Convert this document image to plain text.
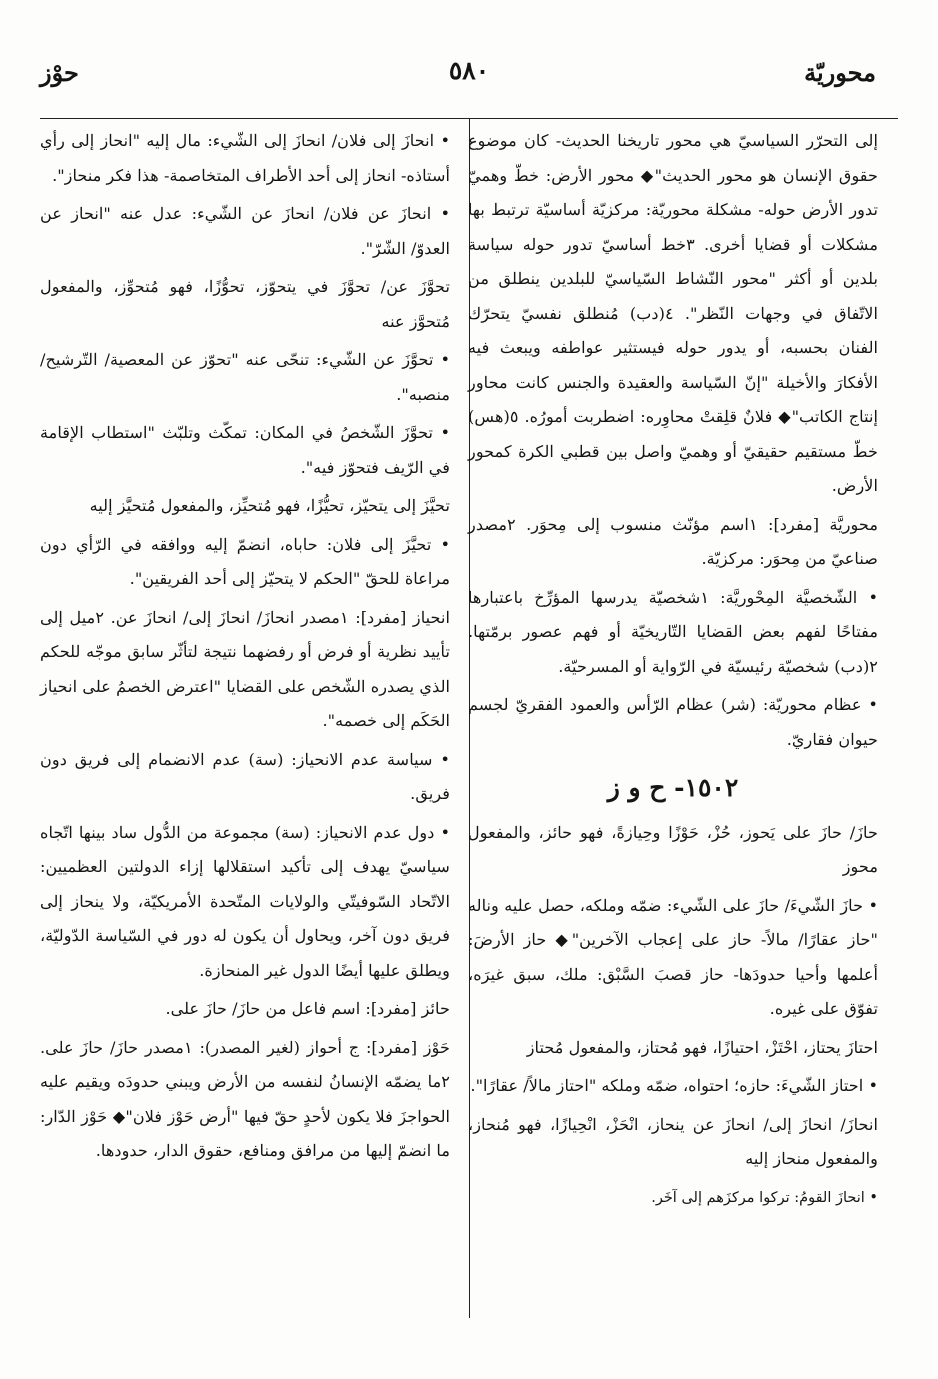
محوريّة
٥٨٠
حوْز

إلى التحرّر السياسيّ هي محور تاريخنا الحديث- كان موضوع حقوق الإنسان هو محور الحديث"◆ محور الأرض: خطّ وهميّ تدور الأرض حوله- مشكلة محوريّة: مركزيّة أساسيّة ترتبط بها مشكلات أو قضايا أخرى. ٣خط أساسيّ تدور حوله سياسة بلدين أو أكثر "محور النّشاط السّياسيّ للبلدين ينطلق من الاتّفاق في وجهات النّظر". ٤(دب) مُنطلق نفسيّ يتحرّك الفنان بحسبه، أو يدور حوله فيستثير عواطفه ويبعث فيه الأفكارَ والأخيلة "إنّ السّياسة والعقيدة والجنس كانت محاور إنتاج الكاتب"◆ فلانٌ قلِقتْ محاوِره: اضطربت أمورُه. ٥(هس) خطّ مستقيم حقيقيّ أو وهميّ واصل بين قطبي الكرة كمحور الأرض.

محوريَّة [مفرد]: ١اسم مؤنّث منسوب إلى مِحوَر. ٢مصدر صناعيّ من مِحوَر: مركزيّة.

• الشّخصيَّة المِحْوريَّة: ١شخصيّة يدرسها المؤرِّخ باعتبارها مفتاحًا لفهم بعض القضايا التّاريخيّة أو فهم عصور برمّتها. ٢(دب) شخصيّة رئيسيّة في الرّواية أو المسرحيّة.

• عظام محوريّة: (شر) عظام الرّأس والعمود الفقريّ لجسم حيوان فقاريّ.

١٥٠٢- ح و ز

حازَ/ حازَ على يَحوز، حُزْ، حَوْزًا وحِيازةً، فهو حائز، والمفعول محوز

• حازَ الشّيءَ/ حازَ على الشّيء: ضمّه وملكه، حصل عليه وناله "حاز عقارًا/ مالاً- حاز على إعجاب الآخرين"◆ حاز الأرضَ: أعلمها وأحيا حدودَها- حاز قصبَ السَّبْق: ملك، سبق غيرَه، تفوّق على غيره.

احتازَ يحتاز، احْتَزْ، احتيازًا، فهو مُحتاز، والمفعول مُحتاز

• احتاز الشّيءَ: حازه؛ احتواه، ضمّه وملكه "احتاز مالاً/ عقارًا".

انحازَ/ انحازَ إلى/ انحازَ عن ينحاز، انْحَزْ، انْحِيازًا، فهو مُنحاز، والمفعول منحاز إليه

• انحازَ القومُ: تركوا مركزَهم إلى آخَر.

• انحازَ إلى فلان/ انحازَ إلى الشّيء: مال إليه "انحاز إلى رأي أستاذه- انحاز إلى أحد الأطراف المتخاصمة- هذا فكر منحاز".

• انحازَ عن فلان/ انحازَ عن الشّيء: عدل عنه "انحاز عن العدوّ/ الشّرّ".

تحوَّزَ عن/ تحوَّزَ في يتحوّز، تحوُّزًا، فهو مُتحوِّز، والمفعول مُتحوَّز عنه

• تحوَّزَ عن الشّيء: تنحّى عنه "تحوّز عن المعصية/ التّرشيح/ منصبه".

• تحوَّزَ الشّخصُ في المكان: تمكّث وتلبّث "استطاب الإقامة في الرّيف فتحوّز فيه".

تحيَّزَ إلى يتحيّز، تحيُّزًا، فهو مُتحيِّز، والمفعول مُتحيَّز إليه

• تحيَّزَ إلى فلان: حاباه، انضمّ إليه ووافقه في الرّأي دون مراعاة للحقّ "الحكم لا يتحيّز إلى أحد الفريقين".

انحياز [مفرد]: ١مصدر انحازَ/ انحازَ إلى/ انحازَ عن. ٢ميل إلى تأييد نظرية أو فرض أو رفضهما نتيجة لتأثّر سابق موجّه للحكم الذي يصدره الشّخص على القضايا "اعترض الخصمُ على انحياز الحَكَم إلى خصمه".

• سياسة عدم الانحياز: (سة) عدم الانضمام إلى فريق دون فريق.

• دول عدم الانحياز: (سة) مجموعة من الدُّول ساد بينها اتّجاه سياسيّ يهدف إلى تأكيد استقلالها إزاء الدولتين العظميين: الاتّحاد السّوفيتّي والولايات المتّحدة الأمريكيّة، ولا ينحاز إلى فريق دون آخر، ويحاول أن يكون له دور في السّياسة الدّوليّة، ويطلق عليها أيضًا الدول غير المنحازة.

حائز [مفرد]: اسم فاعل من حازَ/ حازَ على.

حَوْز [مفرد]: ج أحواز (لغير المصدر): ١مصدر حازَ/ حازَ على. ٢ما يضمّه الإنسانُ لنفسه من الأرض ويبني حدودَه ويقيم عليه الحواجزَ فلا يكون لأحدٍ حقّ فيها "أرض حَوْز فلان"◆ حَوْز الدّار: ما انضمّ إليها من مرافق ومنافع، حقوق الدار، حدودها.
